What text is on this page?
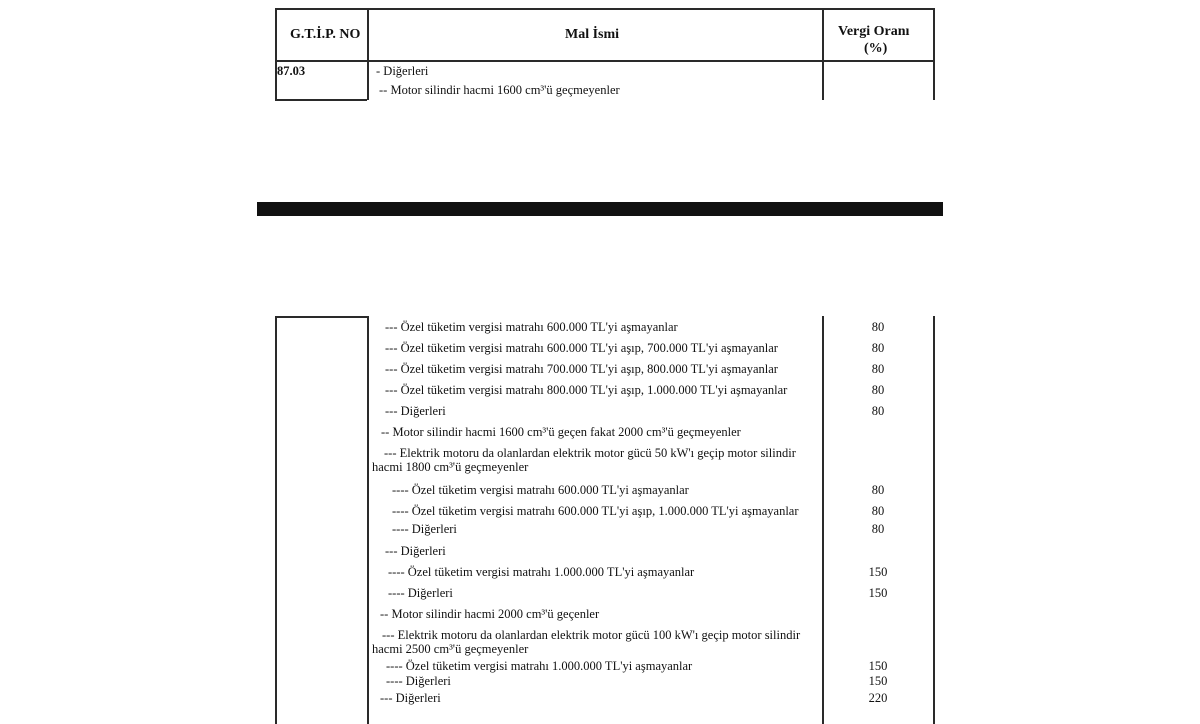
G.T.İ.P. NO	Mal İsmi	Vergi Oranı
(%)
87.03	- Diğerleri
-- Motor silindir hacmi 1600 cm³'ü geçmeyenler
--- Özel tüketim vergisi matrahı 600.000 TL'yi aşmayanlar	80
--- Özel tüketim vergisi matrahı 600.000 TL'yi aşıp, 700.000 TL'yi aşmayanlar	80
--- Özel tüketim vergisi matrahı 700.000 TL'yi aşıp, 800.000 TL'yi aşmayanlar	80
--- Özel tüketim vergisi matrahı 800.000 TL'yi aşıp, 1.000.000 TL'yi aşmayanlar	80
--- Diğerleri	80
-- Motor silindir hacmi 1600 cm³'ü geçen fakat 2000 cm³'ü geçmeyenler
--- Elektrik motoru da olanlardan elektrik motor gücü 50 kW'ı geçip motor silindir hacmi 1800 cm³'ü geçmeyenler
---- Özel tüketim vergisi matrahı 600.000 TL'yi aşmayanlar	80
---- Özel tüketim vergisi matrahı 600.000 TL'yi aşıp, 1.000.000 TL'yi aşmayanlar	80
---- Diğerleri	80
--- Diğerleri
---- Özel tüketim vergisi matrahı 1.000.000 TL'yi aşmayanlar	150
---- Diğerleri	150
-- Motor silindir hacmi 2000 cm³'ü geçenler
--- Elektrik motoru da olanlardan elektrik motor gücü 100 kW'ı geçip motor silindir hacmi 2500 cm³'ü geçmeyenler
---- Özel tüketim vergisi matrahı 1.000.000 TL'yi aşmayanlar	150
---- Diğerleri	150
--- Diğerleri	220
